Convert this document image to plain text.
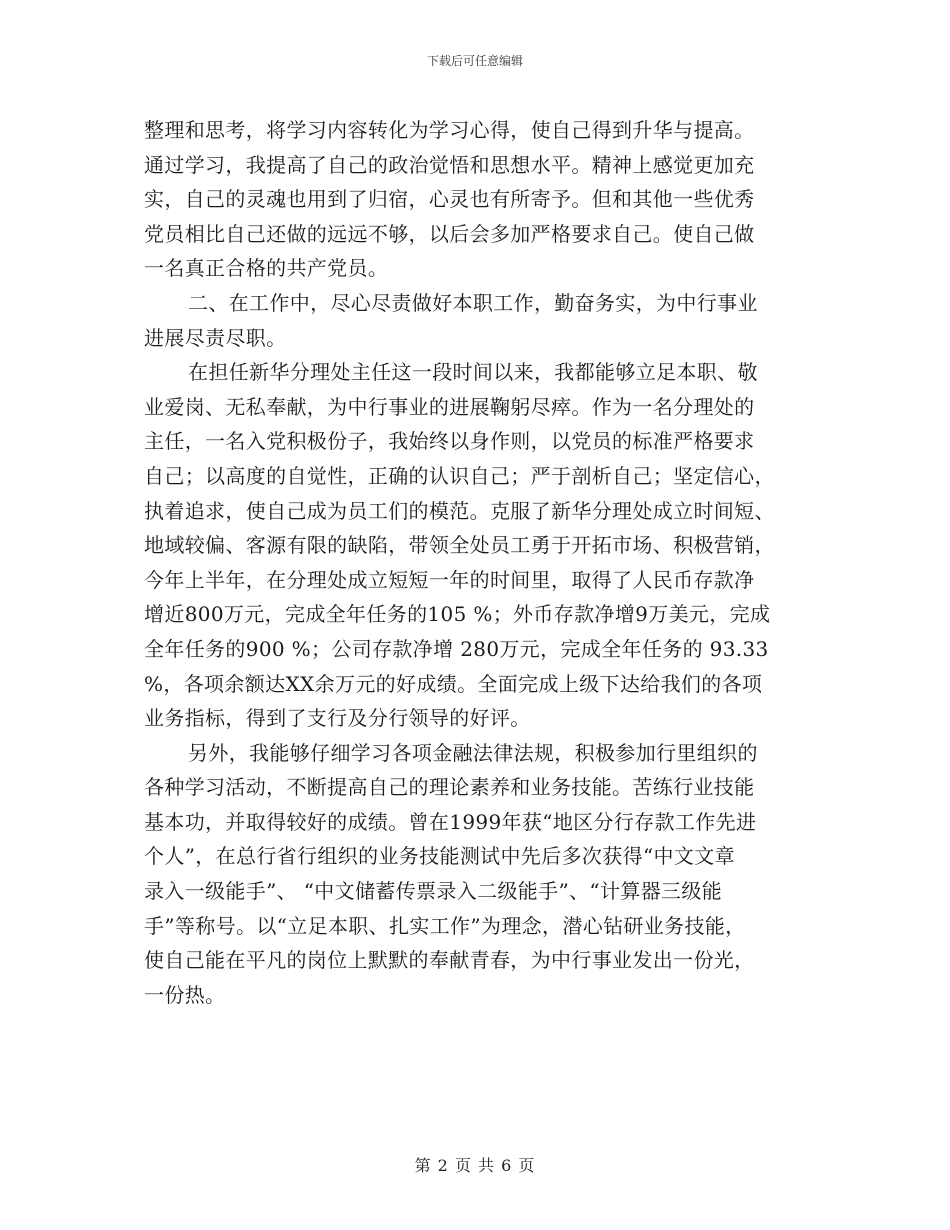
下载后可任意编辑
整理和思考，将学习内容转化为学习心得，使自己得到升华与提高。
通过学习，我提高了自己的政治觉悟和思想水平。精神上感觉更加充
实，自己的灵魂也用到了归宿，心灵也有所寄予。但和其他一些优秀
党员相比自己还做的远远不够，以后会多加严格要求自己。使自己做
一名真正合格的共产党员。
二、在工作中，尽心尽责做好本职工作，勤奋务实，为中行事业
进展尽责尽职。
在担任新华分理处主任这一段时间以来，我都能够立足本职、敬
业爱岗、无私奉献，为中行事业的进展鞠躬尽瘁。作为一名分理处的
主任，一名入党积极份子，我始终以身作则，以党员的标准严格要求
自己；以高度的自觉性，正确的认识自己；严于剖析自己；坚定信心，
执着追求，使自己成为员工们的模范。克服了新华分理处成立时间短、
地域较偏、客源有限的缺陷，带领全处员工勇于开拓市场、积极营销，
今年上半年，在分理处成立短短一年的时间里，取得了人民币存款净
增近800万元，完成全年任务的105 %；外币存款净增9万美元，完成
全年任务的900 %；公司存款净增 280万元，完成全年任务的 93.33
%，各项余额达XX余万元的好成绩。全面完成上级下达给我们的各项
业务指标，得到了支行及分行领导的好评。
另外，我能够仔细学习各项金融法律法规，积极参加行里组织的
各种学习活动，不断提高自己的理论素养和业务技能。苦练行业技能
基本功，并取得较好的成绩。曾在1999年获“地区分行存款工作先进
个人”，在总行省行组织的业务技能测试中先后多次获得“中文文章
录入一级能手”、 “中文储蓄传票录入二级能手”、“计算器三级能
手”等称号。以“立足本职、扎实工作”为理念，潜心钻研业务技能，
使自己能在平凡的岗位上默默的奉献青春，为中行事业发出一份光，
一份热。
第 2 页 共 6 页
